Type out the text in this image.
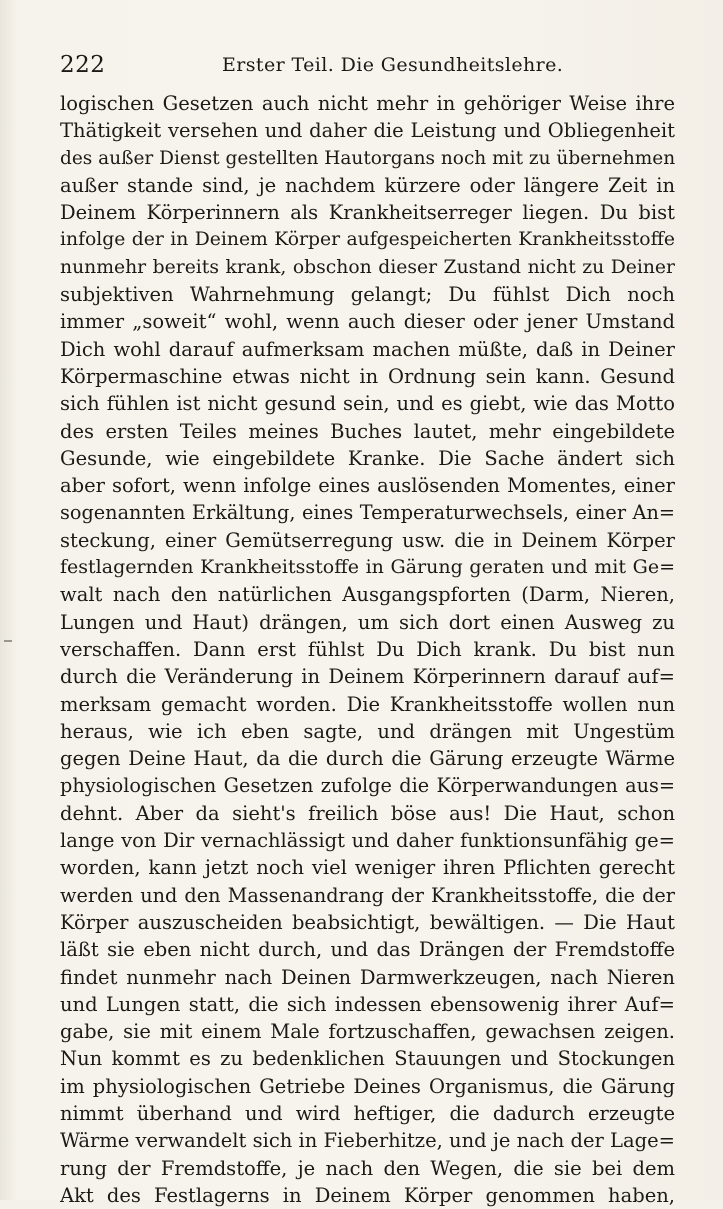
222	Erster Teil. Die Gesundheitslehre.
logischen Gesetzen auch nicht mehr in gehöriger Weise ihre
Thätigkeit versehen und daher die Leistung und Obliegenheit
des außer Dienst gestellten Hautorgans noch mit zu übernehmen
außer stande sind, je nachdem kürzere oder längere Zeit in
Deinem Körperinnern als Krankheitserreger liegen. Du bist
infolge der in Deinem Körper aufgespeicherten Krankheitsstoffe
nunmehr bereits krank, obschon dieser Zustand nicht zu Deiner
subjektiven Wahrnehmung gelangt; Du fühlst Dich noch
immer „soweit“ wohl, wenn auch dieser oder jener Umstand
Dich wohl darauf aufmerksam machen müßte, daß in Deiner
Körpermaschine etwas nicht in Ordnung sein kann. Gesund
sich fühlen ist nicht gesund sein, und es giebt, wie das Motto
des ersten Teiles meines Buches lautet, mehr eingebildete
Gesunde, wie eingebildete Kranke. Die Sache ändert sich
aber sofort, wenn infolge eines auslösenden Momentes, einer
sogenannten Erkältung, eines Temperaturwechsels, einer An=
steckung, einer Gemütserregung usw. die in Deinem Körper
festlagernden Krankheitsstoffe in Gärung geraten und mit Ge=
walt nach den natürlichen Ausgangspforten (Darm, Nieren,
Lungen und Haut) drängen, um sich dort einen Ausweg zu
verschaffen. Dann erst fühlst Du Dich krank. Du bist nun
durch die Veränderung in Deinem Körperinnern darauf auf=
merksam gemacht worden. Die Krankheitsstoffe wollen nun
heraus, wie ich eben sagte, und drängen mit Ungestüm
gegen Deine Haut, da die durch die Gärung erzeugte Wärme
physiologischen Gesetzen zufolge die Körperwandungen aus=
dehnt. Aber da sieht's freilich böse aus! Die Haut, schon
lange von Dir vernachlässigt und daher funktionsunfähig ge=
worden, kann jetzt noch viel weniger ihren Pflichten gerecht
werden und den Massenandrang der Krankheitsstoffe, die der
Körper auszuscheiden beabsichtigt, bewältigen. — Die Haut
läßt sie eben nicht durch, und das Drängen der Fremdstoffe
findet nunmehr nach Deinen Darmwerkzeugen, nach Nieren
und Lungen statt, die sich indessen ebensowenig ihrer Auf=
gabe, sie mit einem Male fortzuschaffen, gewachsen zeigen.
Nun kommt es zu bedenklichen Stauungen und Stockungen
im physiologischen Getriebe Deines Organismus, die Gärung
nimmt überhand und wird heftiger, die dadurch erzeugte
Wärme verwandelt sich in Fieberhitze, und je nach der Lage=
rung der Fremdstoffe, je nach den Wegen, die sie bei dem
Akt des Festlagerns in Deinem Körper genommen haben,
